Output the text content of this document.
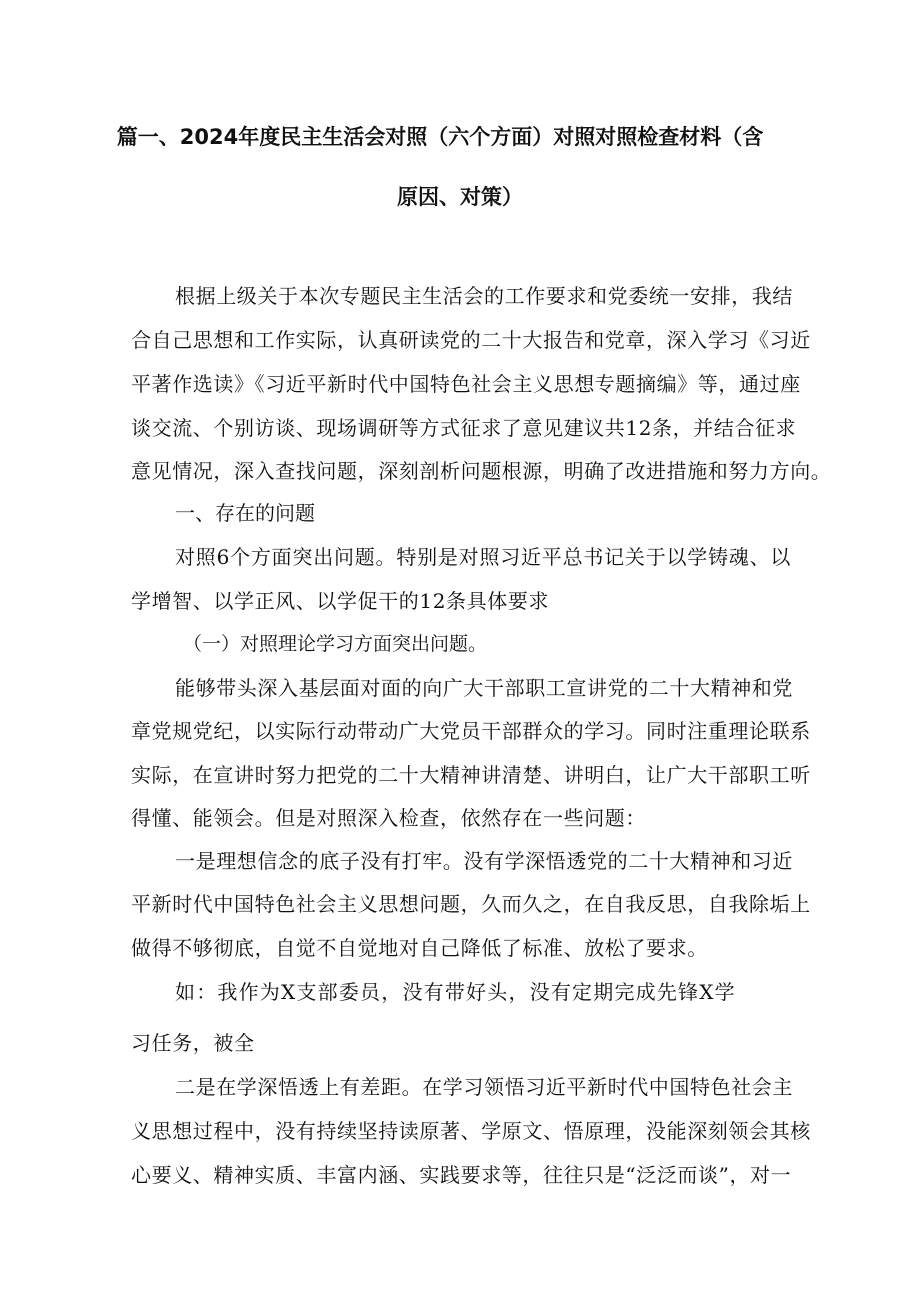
篇一、2024年度民主生活会对照（六个方面）对照对照检查材料（含
原因、对策）
根据上级关于本次专题民主生活会的工作要求和党委统一安排，我结
合自己思想和工作实际，认真研读党的二十大报告和党章，深入学习《习近
平著作选读》《习近平新时代中国特色社会主义思想专题摘编》等，通过座
谈交流、个别访谈、现场调研等方式征求了意见建议共12条，并结合征求
意见情况，深入查找问题，深刻剖析问题根源，明确了改进措施和努力方向。
一、存在的问题
对照6个方面突出问题。特别是对照习近平总书记关于以学铸魂、以
学增智、以学正风、以学促干的12条具体要求
（一）对照理论学习方面突出问题。
能够带头深入基层面对面的向广大干部职工宣讲党的二十大精神和党
章党规党纪，以实际行动带动广大党员干部群众的学习。同时注重理论联系
实际，在宣讲时努力把党的二十大精神讲清楚、讲明白，让广大干部职工听
得懂、能领会。但是对照深入检查，依然存在一些问题：
一是理想信念的底子没有打牢。没有学深悟透党的二十大精神和习近
平新时代中国特色社会主义思想问题，久而久之，在自我反思，自我除垢上
做得不够彻底，自觉不自觉地对自己降低了标准、放松了要求。
如：我作为X支部委员，没有带好头，没有定期完成先锋X学
习任务，被全
二是在学深悟透上有差距。在学习领悟习近平新时代中国特色社会主
义思想过程中，没有持续坚持读原著、学原文、悟原理，没能深刻领会其核
心要义、精神实质、丰富内涵、实践要求等，往往只是“泛泛而谈”，对一
